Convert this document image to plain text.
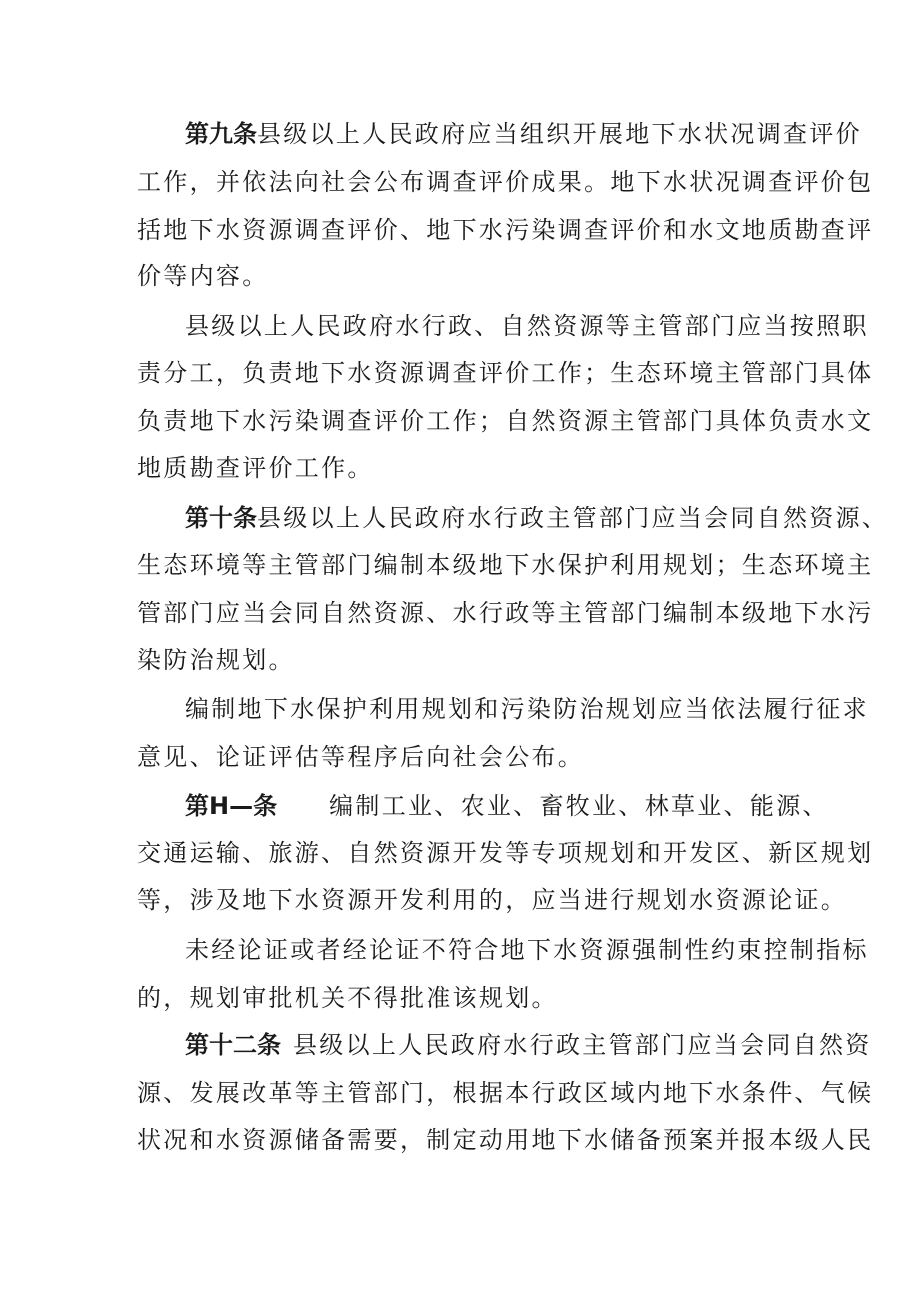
第九条县级以上人民政府应当组织开展地下水状况调查评价
工作，并依法向社会公布调查评价成果。地下水状况调查评价包
括地下水资源调查评价、地下水污染调查评价和水文地质勘查评
价等内容。
县级以上人民政府水行政、自然资源等主管部门应当按照职
责分工，负责地下水资源调查评价工作；生态环境主管部门具体
负责地下水污染调查评价工作；自然资源主管部门具体负责水文
地质勘查评价工作。
第十条县级以上人民政府水行政主管部门应当会同自然资源、
生态环境等主管部门编制本级地下水保护利用规划；生态环境主
管部门应当会同自然资源、水行政等主管部门编制本级地下水污
染防治规划。
编制地下水保护利用规划和污染防治规划应当依法履行征求
意见、论证评估等程序后向社会公布。
第H—条 编制工业、农业、畜牧业、林草业、能源、
交通运输、旅游、自然资源开发等专项规划和开发区、新区规划
等，涉及地下水资源开发利用的，应当进行规划水资源论证。
未经论证或者经论证不符合地下水资源强制性约束控制指标
的，规划审批机关不得批准该规划。
第十二条 县级以上人民政府水行政主管部门应当会同自然资
源、发展改革等主管部门，根据本行政区域内地下水条件、气候
状况和水资源储备需要，制定动用地下水储备预案并报本级人民
